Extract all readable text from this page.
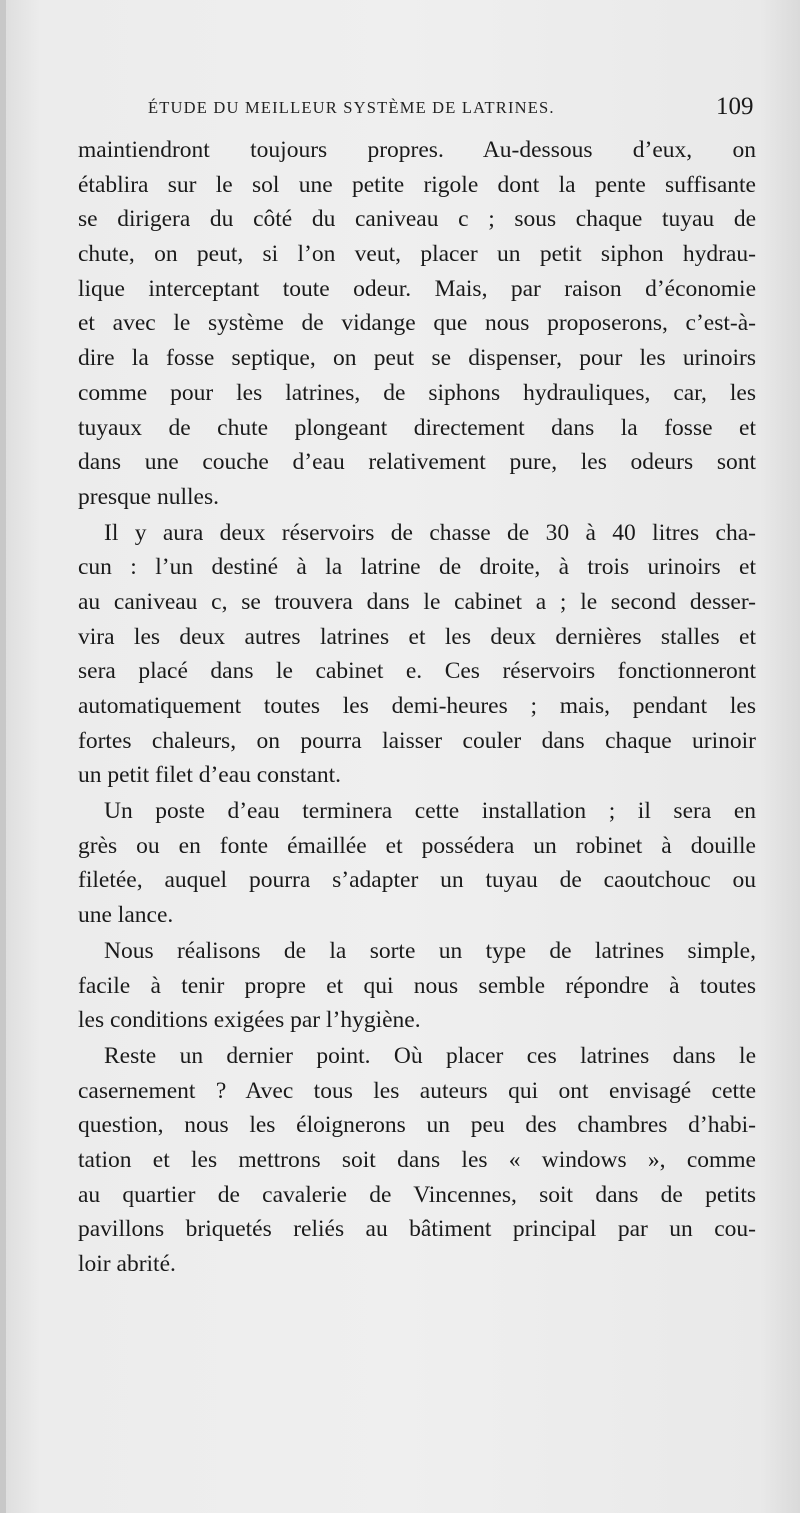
ÉTUDE DU MEILLEUR SYSTÈME DE LATRINES.	109

maintiendront toujours propres. Au-dessous d’eux, on
établira sur le sol une petite rigole dont la pente suffisante
se dirigera du côté du caniveau c ; sous chaque tuyau de
chute, on peut, si l’on veut, placer un petit siphon hydrau-
lique interceptant toute odeur. Mais, par raison d’économie
et avec le système de vidange que nous proposerons, c’est-à-
dire la fosse septique, on peut se dispenser, pour les urinoirs
comme pour les latrines, de siphons hydrauliques, car, les
tuyaux de chute plongeant directement dans la fosse et
dans une couche d’eau relativement pure, les odeurs sont
presque nulles.

Il y aura deux réservoirs de chasse de 30 à 40 litres cha-
cun : l’un destiné à la latrine de droite, à trois urinoirs et
au caniveau c, se trouvera dans le cabinet a ; le second desser-
vira les deux autres latrines et les deux dernières stalles et
sera placé dans le cabinet e. Ces réservoirs fonctionneront
automatiquement toutes les demi-heures ; mais, pendant les
fortes chaleurs, on pourra laisser couler dans chaque urinoir
un petit filet d’eau constant.

Un poste d’eau terminera cette installation ; il sera en
grès ou en fonte émaillée et possédera un robinet à douille
filetée, auquel pourra s’adapter un tuyau de caoutchouc ou
une lance.

Nous réalisons de la sorte un type de latrines simple,
facile à tenir propre et qui nous semble répondre à toutes
les conditions exigées par l’hygiène.

Reste un dernier point. Où placer ces latrines dans le
casernement ? Avec tous les auteurs qui ont envisagé cette
question, nous les éloignerons un peu des chambres d’habi-
tation et les mettrons soit dans les « windows », comme
au quartier de cavalerie de Vincennes, soit dans de petits
pavillons briquetés reliés au bâtiment principal par un cou-
loir abrité.
